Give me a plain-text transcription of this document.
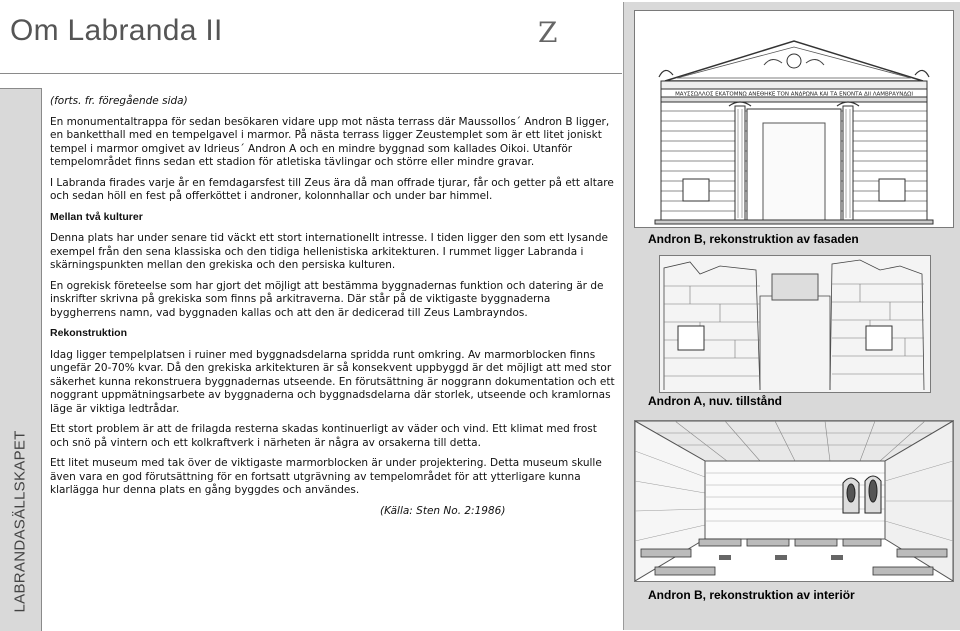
Om Labranda II	Z
LABRANDASÄLLSKAPET

(forts. fr. föregående sida)

En monumentaltrappa för sedan besökaren vidare upp mot nästa terrass där Maussollos´ Andron B ligger, en banketthall med en tempelgavel i marmor. På nästa terrass ligger Zeustemplet som är ett litet joniskt tempel i marmor omgivet av Idrieus´ Andron A och en mindre byggnad som kallades Oikoi. Utanför tempelområdet finns sedan ett stadion för atletiska tävlingar och större eller mindre gravar.

I Labranda firades varje år en femdagarsfest till Zeus ära då man offrade tjurar, får och getter på ett altare och sedan höll en fest på offerköttet i androner, kolonnhallar och under bar himmel.

Mellan två kulturer

Denna plats har under senare tid väckt ett stort internationellt intresse. I tiden ligger den som ett lysande exempel från den sena klassiska och den tidiga hellenistiska arkitekturen. I rummet ligger Labranda i skärningspunkten mellan den grekiska och den persiska kulturen.

En ogrekisk företeelse som har gjort det möjligt att bestämma byggnadernas funktion och datering är de inskrifter skrivna på grekiska som finns på arkitraverna. Där står på de viktigaste byggnaderna byggherrens namn, vad byggnaden kallas och att den är dedicerad till Zeus Lambrayndos.

Rekonstruktion

Idag ligger tempelplatsen i ruiner med byggnadsdelarna spridda runt omkring. Av marmorblocken finns ungefär 20-70% kvar. Då den grekiska arkitekturen är så konsekvent uppbyggd är det möjligt att med stor säkerhet kunna rekonstruera byggnadernas utseende. En förutsättning är noggrann dokumentation och ett noggrant uppmätningsarbete av byggnaderna och byggnadsdelarna där storlek, utseende och kramlornas läge är viktiga ledtrådar.

Ett stort problem är att de frilagda resterna skadas kontinuerligt av väder och vind. Ett klimat med frost och snö på vintern och ett kolkraftverk i närheten är några av orsakerna till detta.

Ett litet museum med tak över de viktigaste marmorblocken är under projektering. Detta museum skulle även vara en god förutsättning för en fortsatt utgrävning av tempelområdet för att ytterligare kunna klarlägga hur denna plats en gång byggdes och användes.

(Källa: Sten No. 2:1986)

ΜΑΥΣΣΩΛΛΟΣ ΕΚΑΤΟΜΝΩ ΑΝΕΘΗΚΕ ΤΟΝ ΑΝΔΡΩΝΑ ΚΑΙ ΤΑ ΕΝΟΝΤΑ ΔΙΙ ΛΑΜΒΡΑΥΝΔΩΙ
Andron B, rekonstruktion av fasaden
Andron A, nuv. tillstånd
Andron B, rekonstruktion av interiör
